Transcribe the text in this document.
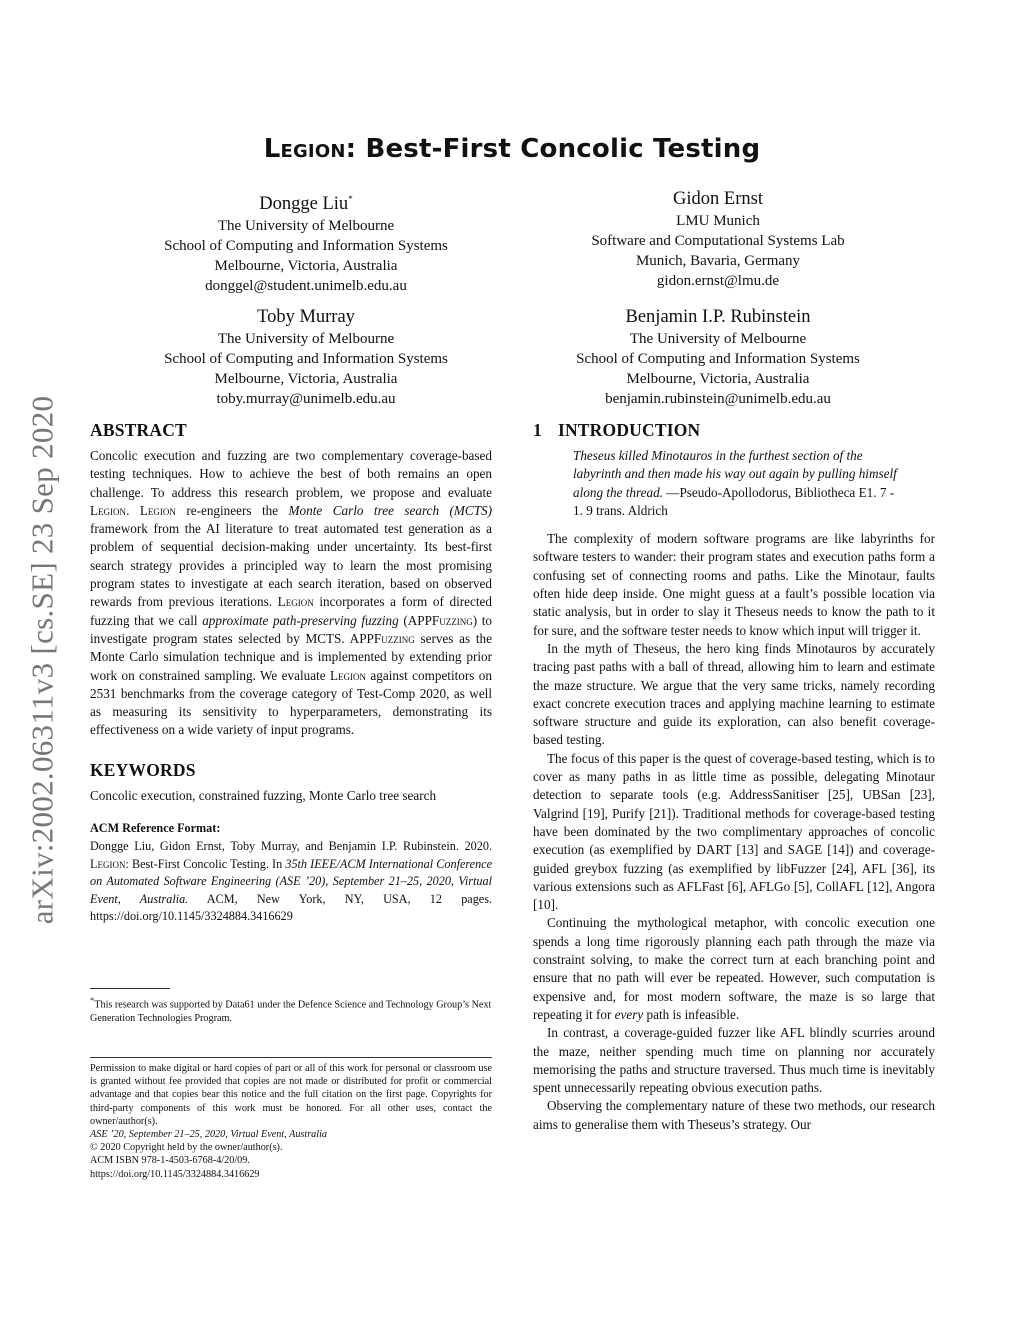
arXiv:2002.06311v3 [cs.SE] 23 Sep 2020
Legion: Best-First Concolic Testing
Dongge Liu*
The University of Melbourne
School of Computing and Information Systems
Melbourne, Victoria, Australia
donggel@student.unimelb.edu.au
Gidon Ernst
LMU Munich
Software and Computational Systems Lab
Munich, Bavaria, Germany
gidon.ernst@lmu.de
Toby Murray
The University of Melbourne
School of Computing and Information Systems
Melbourne, Victoria, Australia
toby.murray@unimelb.edu.au
Benjamin I.P. Rubinstein
The University of Melbourne
School of Computing and Information Systems
Melbourne, Victoria, Australia
benjamin.rubinstein@unimelb.edu.au
ABSTRACT

Concolic execution and fuzzing are two complementary coverage-based testing techniques. How to achieve the best of both remains an open challenge. To address this research problem, we propose and evaluate Legion. Legion re-engineers the Monte Carlo tree search (MCTS) framework from the AI literature to treat automated test generation as a problem of sequential decision-making under uncertainty. Its best-first search strategy provides a principled way to learn the most promising program states to investigate at each search iteration, based on observed rewards from previous iterations. Legion incorporates a form of directed fuzzing that we call approximate path-preserving fuzzing (APPFuzzing) to investigate program states selected by MCTS. APPFuzzing serves as the Monte Carlo simulation technique and is implemented by extending prior work on constrained sampling. We evaluate Legion against competitors on 2531 benchmarks from the coverage category of Test-Comp 2020, as well as measuring its sensitivity to hyperparameters, demonstrating its effectiveness on a wide variety of input programs.

KEYWORDS

Concolic execution, constrained fuzzing, Monte Carlo tree search

ACM Reference Format:

Dongge Liu, Gidon Ernst, Toby Murray, and Benjamin I.P. Rubinstein. 2020. Legion: Best-First Concolic Testing. In 35th IEEE/ACM International Conference on Automated Software Engineering (ASE ’20), September 21–25, 2020, Virtual Event, Australia. ACM, New York, NY, USA, 12 pages. https://doi.org/10.1145/3324884.3416629

*This research was supported by Data61 under the Defence Science and Technology Group’s Next Generation Technologies Program.

Permission to make digital or hard copies of part or all of this work for personal or classroom use is granted without fee provided that copies are not made or distributed for profit or commercial advantage and that copies bear this notice and the full citation on the first page. Copyrights for third-party components of this work must be honored. For all other uses, contact the owner/author(s).

ASE ’20, September 21–25, 2020, Virtual Event, Australia

© 2020 Copyright held by the owner/author(s).

ACM ISBN 978-1-4503-6768-4/20/09.

https://doi.org/10.1145/3324884.3416629

1 INTRODUCTION

Theseus killed Minotauros in the furthest section of the labyrinth and then made his way out again by pulling himself along the thread. —Pseudo-Apollodorus, Bibliotheca E1. 7 - 1. 9 trans. Aldrich

The complexity of modern software programs are like labyrinths for software testers to wander: their program states and execution paths form a confusing set of connecting rooms and paths. Like the Minotaur, faults often hide deep inside. One might guess at a fault’s possible location via static analysis, but in order to slay it Theseus needs to know the path to it for sure, and the software tester needs to know which input will trigger it.

In the myth of Theseus, the hero king finds Minotauros by accurately tracing past paths with a ball of thread, allowing him to learn and estimate the maze structure. We argue that the very same tricks, namely recording exact concrete execution traces and applying machine learning to estimate software structure and guide its exploration, can also benefit coverage-based testing.

The focus of this paper is the quest of coverage-based testing, which is to cover as many paths in as little time as possible, delegating Minotaur detection to separate tools (e.g. AddressSanitiser [25], UBSan [23], Valgrind [19], Purify [21]). Traditional methods for coverage-based testing have been dominated by the two complimentary approaches of concolic execution (as exemplified by DART [13] and SAGE [14]) and coverage-guided greybox fuzzing (as exemplified by libFuzzer [24], AFL [36], its various extensions such as AFLFast [6], AFLGo [5], CollAFL [12], Angora [10].

Continuing the mythological metaphor, with concolic execution one spends a long time rigorously planning each path through the maze via constraint solving, to make the correct turn at each branching point and ensure that no path will ever be repeated. However, such computation is expensive and, for most modern software, the maze is so large that repeating it for every path is infeasible.

In contrast, a coverage-guided fuzzer like AFL blindly scurries around the maze, neither spending much time on planning nor accurately memorising the paths and structure traversed. Thus much time is inevitably spent unnecessarily repeating obvious execution paths.

Observing the complementary nature of these two methods, our research aims to generalise them with Theseus’s strategy. Our
